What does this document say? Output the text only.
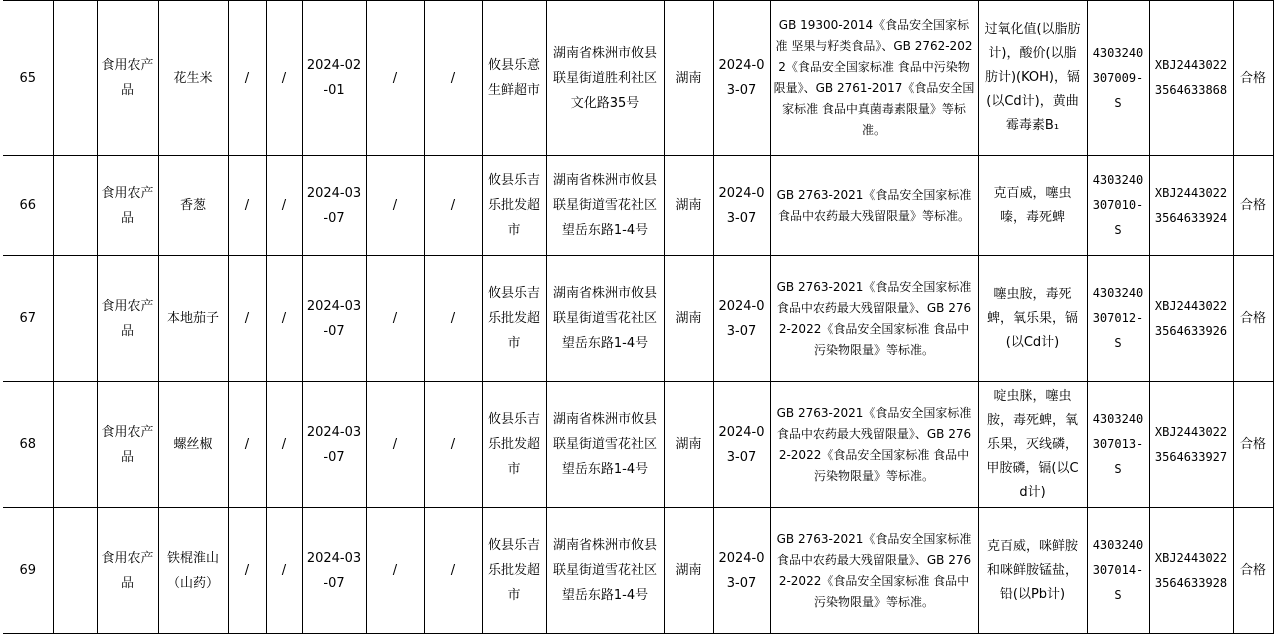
65		食用农产品	花生米	/	/	2024-02-01	/	/	攸县乐意生鲜超市	湖南省株洲市攸县联星街道胜利社区文化路35号	湖南	2024-03-07	GB 19300-2014《食品安全国家标准 坚果与籽类食品》、GB 2762-2022《食品安全国家标准 食品中污染物限量》、GB 2761-2017《食品安全国家标准 食品中真菌毒素限量》等标准。	过氧化值(以脂肪计)，酸价(以脂肪计)(KOH)，镉(以Cd计)，黄曲霉毒素B₁	4303240307009-S	XBJ24430223564633868	合格
66		食用农产品	香葱	/	/	2024-03-07	/	/	攸县乐吉乐批发超市	湖南省株洲市攸县联星街道雪花社区望岳东路1-4号	湖南	2024-03-07	GB 2763-2021《食品安全国家标准 食品中农药最大残留限量》等标准。	克百威，噻虫嗪，毒死蜱	4303240307010-S	XBJ24430223564633924	合格
67		食用农产品	本地茄子	/	/	2024-03-07	/	/	攸县乐吉乐批发超市	湖南省株洲市攸县联星街道雪花社区望岳东路1-4号	湖南	2024-03-07	GB 2763-2021《食品安全国家标准 食品中农药最大残留限量》、GB 2762-2022《食品安全国家标准 食品中污染物限量》等标准。	噻虫胺，毒死蜱，氧乐果，镉(以Cd计)	4303240307012-S	XBJ24430223564633926	合格
68		食用农产品	螺丝椒	/	/	2024-03-07	/	/	攸县乐吉乐批发超市	湖南省株洲市攸县联星街道雪花社区望岳东路1-4号	湖南	2024-03-07	GB 2763-2021《食品安全国家标准 食品中农药最大残留限量》、GB 2762-2022《食品安全国家标准 食品中污染物限量》等标准。	啶虫脒，噻虫胺，毒死蜱，氧乐果，灭线磷，甲胺磷，镉(以Cd计)	4303240307013-S	XBJ24430223564633927	合格
69		食用农产品	铁棍淮山（山药）	/	/	2024-03-07	/	/	攸县乐吉乐批发超市	湖南省株洲市攸县联星街道雪花社区望岳东路1-4号	湖南	2024-03-07	GB 2763-2021《食品安全国家标准 食品中农药最大残留限量》、GB 2762-2022《食品安全国家标准 食品中污染物限量》等标准。	克百威，咪鲜胺和咪鲜胺锰盐，铅(以Pb计)	4303240307014-S	XBJ24430223564633928	合格
